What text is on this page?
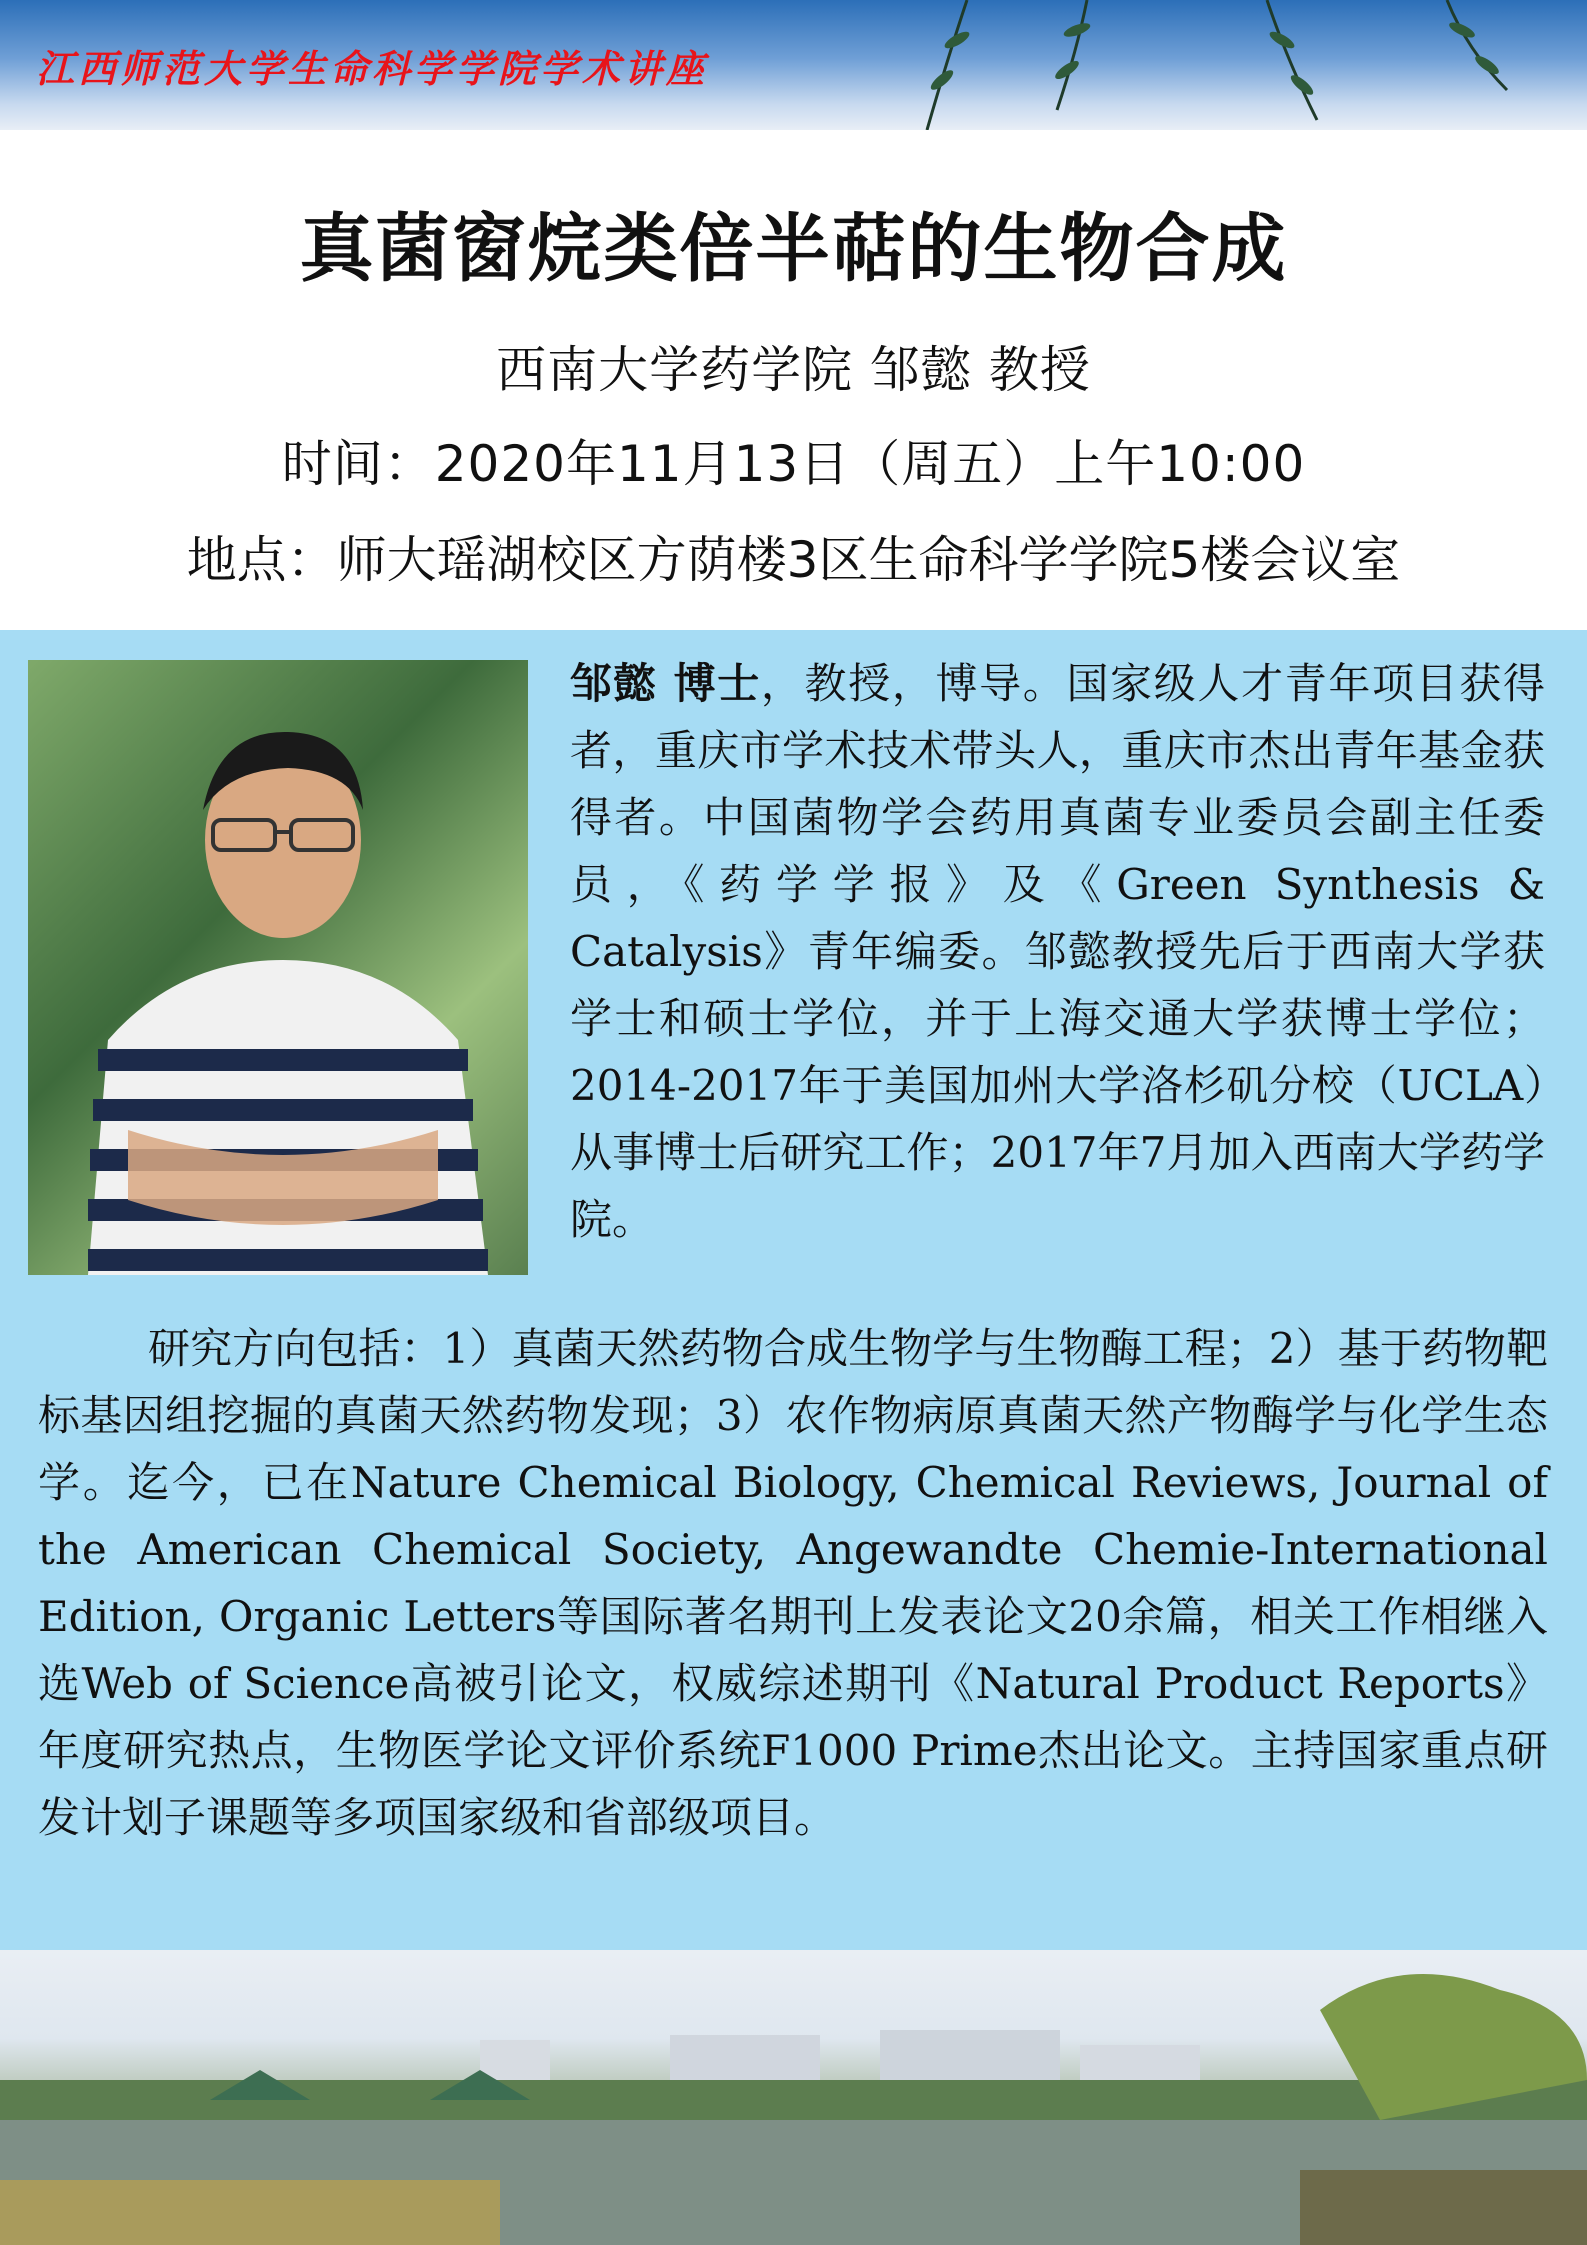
江西师范大学生命科学学院学术讲座
真菌窗烷类倍半萜的生物合成
西南大学药学院 邹懿 教授
时间：2020年11月13日（周五）上午10:00
地点：师大瑶湖校区方荫楼3区生命科学学院5楼会议室
邹懿 博士，教授，博导。国家级人才青年项目获得者，重庆市学术技术带头人，重庆市杰出青年基金获得者。中国菌物学会药用真菌专业委员会副主任委员，《药学学报》及《Green Synthesis & Catalysis》青年编委。邹懿教授先后于西南大学获学士和硕士学位，并于上海交通大学获博士学位；2014-2017年于美国加州大学洛杉矶分校（UCLA）从事博士后研究工作；2017年7月加入西南大学药学院。
研究方向包括：1）真菌天然药物合成生物学与生物酶工程；2）基于药物靶标基因组挖掘的真菌天然药物发现；3）农作物病原真菌天然产物酶学与化学生态学。迄今，已在Nature Chemical Biology, Chemical Reviews, Journal of the American Chemical Society, Angewandte Chemie-International Edition, Organic Letters等国际著名期刊上发表论文20余篇，相关工作相继入选Web of Science高被引论文，权威综述期刊《Natural Product Reports》年度研究热点，生物医学论文评价系统F1000 Prime杰出论文。主持国家重点研发计划子课题等多项国家级和省部级项目。
